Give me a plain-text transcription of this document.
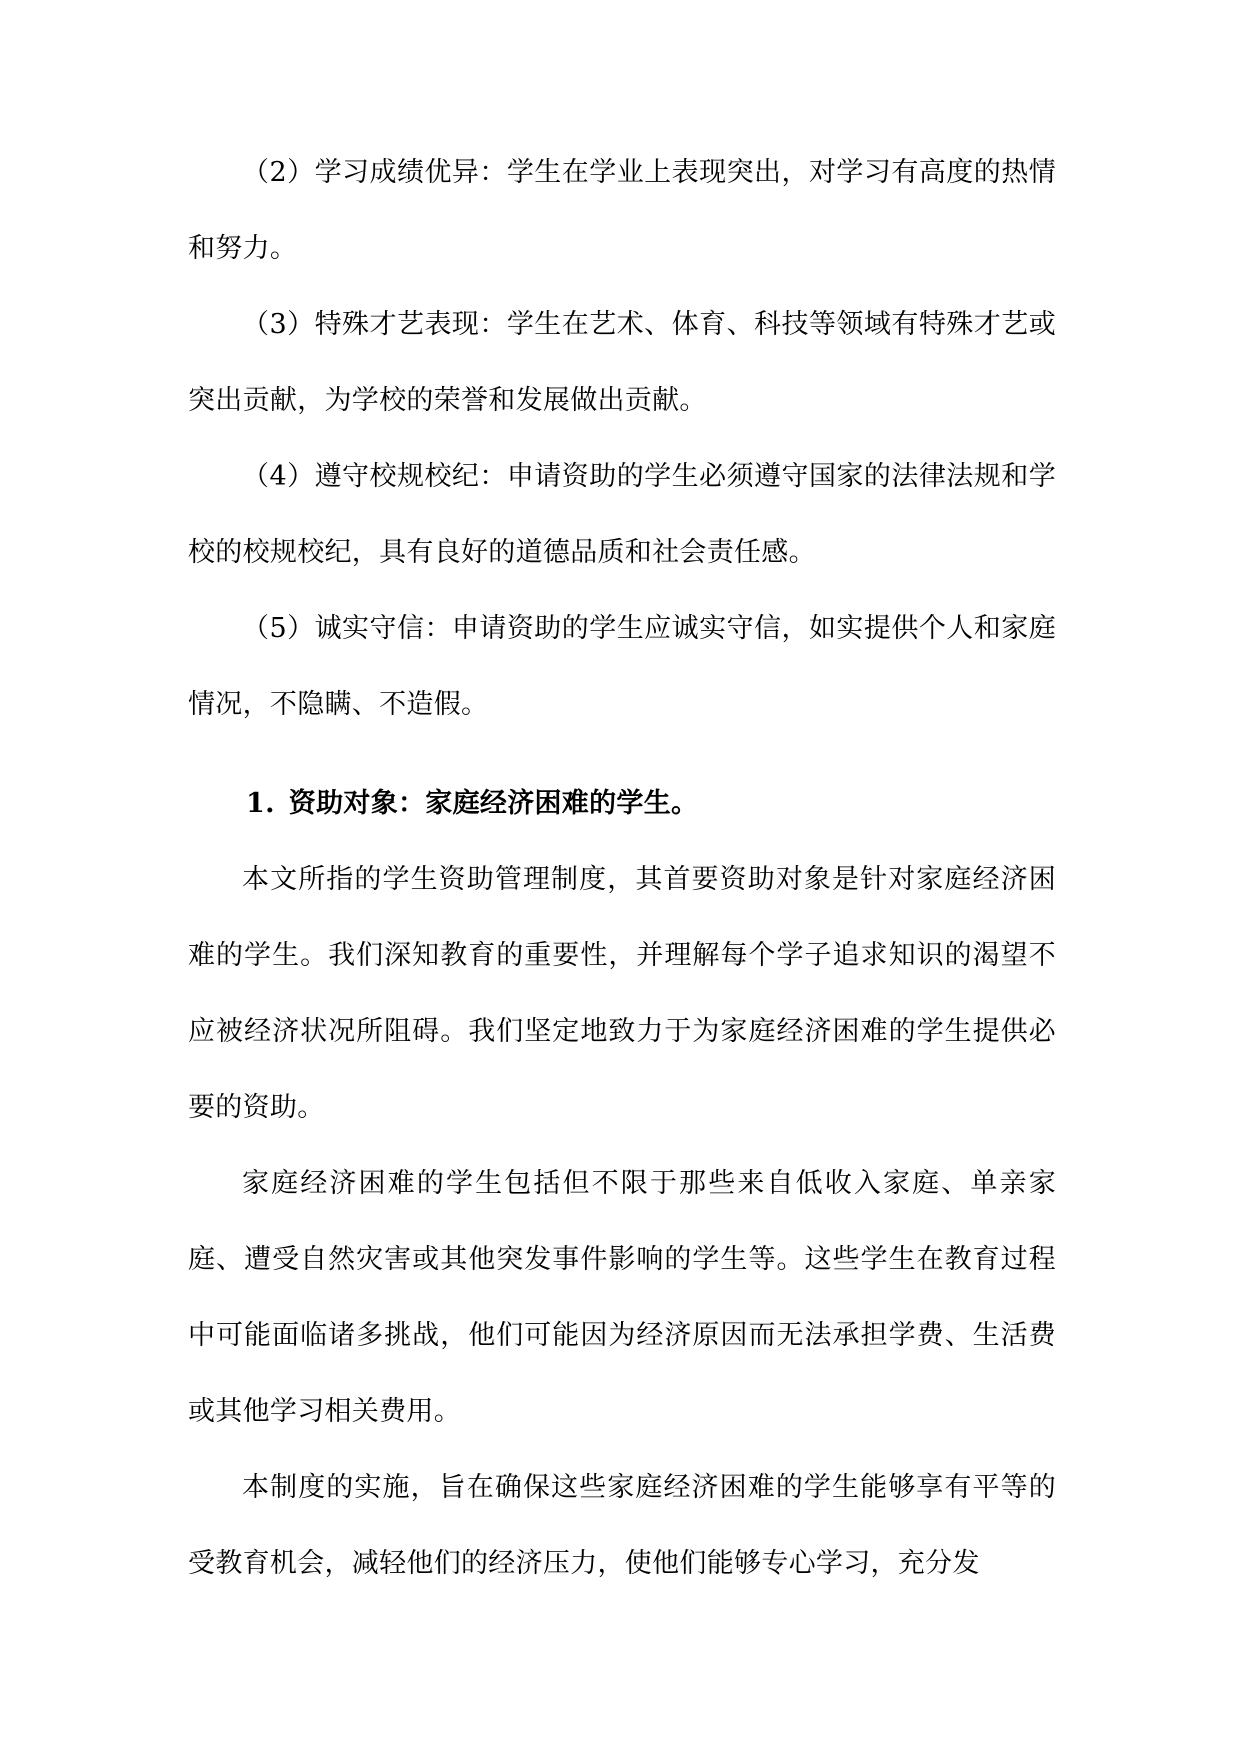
（2）学习成绩优异：学生在学业上表现突出，对学习有高度的热情和努力。

（3）特殊才艺表现：学生在艺术、体育、科技等领域有特殊才艺或突出贡献，为学校的荣誉和发展做出贡献。

（4）遵守校规校纪：申请资助的学生必须遵守国家的法律法规和学校的校规校纪，具有良好的道德品质和社会责任感。

（5）诚实守信：申请资助的学生应诚实守信，如实提供个人和家庭情况，不隐瞒、不造假。

1. 资助对象：家庭经济困难的学生。

本文所指的学生资助管理制度，其首要资助对象是针对家庭经济困难的学生。我们深知教育的重要性，并理解每个学子追求知识的渴望不应被经济状况所阻碍。我们坚定地致力于为家庭经济困难的学生提供必要的资助。

家庭经济困难的学生包括但不限于那些来自低收入家庭、单亲家庭、遭受自然灾害或其他突发事件影响的学生等。这些学生在教育过程中可能面临诸多挑战，他们可能因为经济原因而无法承担学费、生活费或其他学习相关费用。

本制度的实施，旨在确保这些家庭经济困难的学生能够享有平等的受教育机会，减轻他们的经济压力，使他们能够专心学习，充分发
